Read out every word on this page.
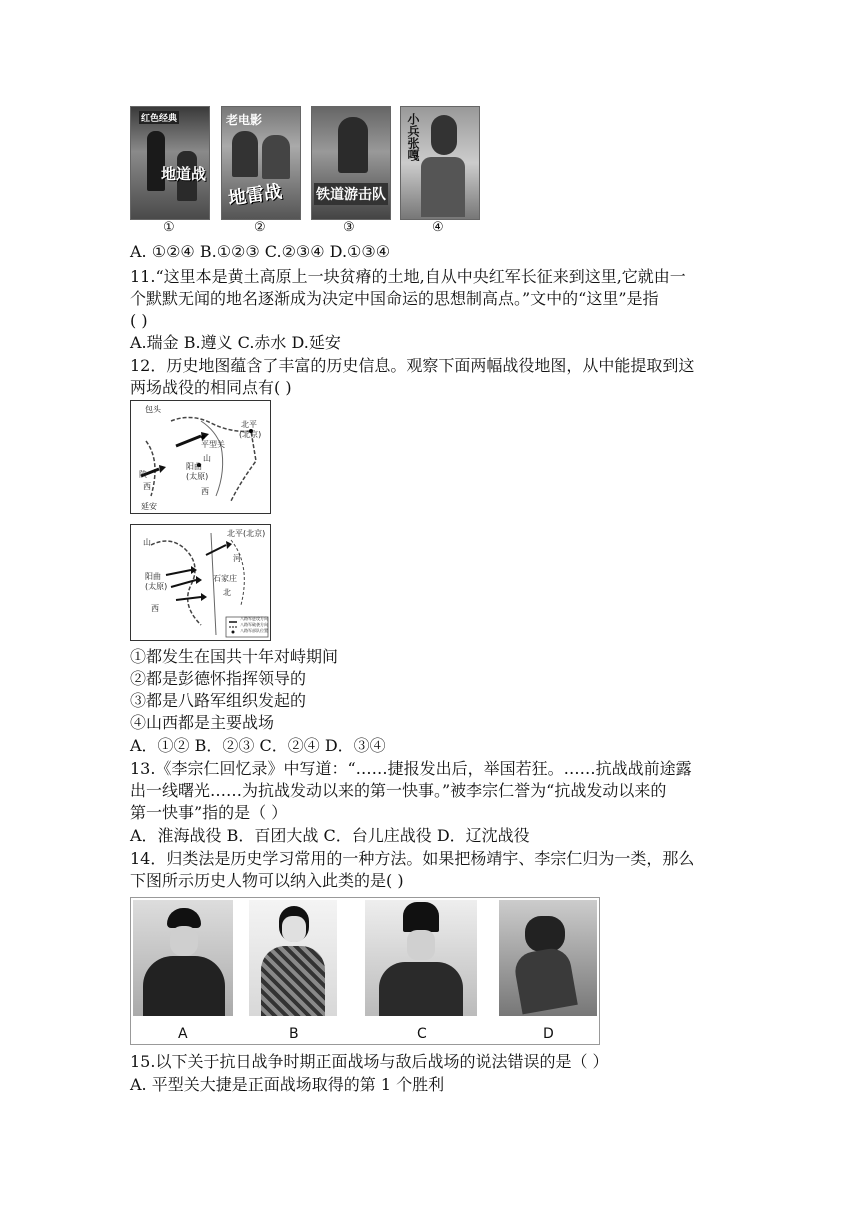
红色经典
地道战
老电影
地雷战 铁道游击队
小兵张嘎
①	②	③	④
A. ①②④ B.①②③ C.②③④ D.①③④
11.“这里本是黄土高原上一块贫瘠的土地,自从中央红军长征来到这里,它就由一
个默默无闻的地名逐渐成为决定中国命运的思想制高点。”文中的“这里”是指
( )
A.瑞金 B.遵义 C.赤水 D.延安
12．历史地图蕴含了丰富的历史信息。观察下面两幅战役地图，从中能提取到这
两场战役的相同点有( )
包头
北平
(北京)
平型关
山
阳曲
(太原)
陕
西
西
延安
北平(北京)
山
河
阳曲
(太原)
西
北
石家庄
八路军进攻方向
八路军破袭方向
八路军部队位置
①都发生在国共十年对峙期间
②都是彭德怀指挥领导的
③都是八路军组织发起的
④山西都是主要战场
A．①② B．②③ C．②④ D．③④
13.《李宗仁回忆录》中写道：“……捷报发出后，举国若狂。……抗战战前途露
出一线曙光……为抗战发动以来的第一快事。”被李宗仁誉为“抗战发动以来的
第一快事”指的是（ ）
A．淮海战役 B．百团大战 C．台儿庄战役 D．辽沈战役
14．归类法是历史学习常用的一种方法。如果把杨靖宇、李宗仁归为一类，那么
下图所示历史人物可以纳入此类的是( )
A	B	C	D
15.以下关于抗日战争时期正面战场与敌后战场的说法错误的是（ ）
A. 平型关大捷是正面战场取得的第 1 个胜利
